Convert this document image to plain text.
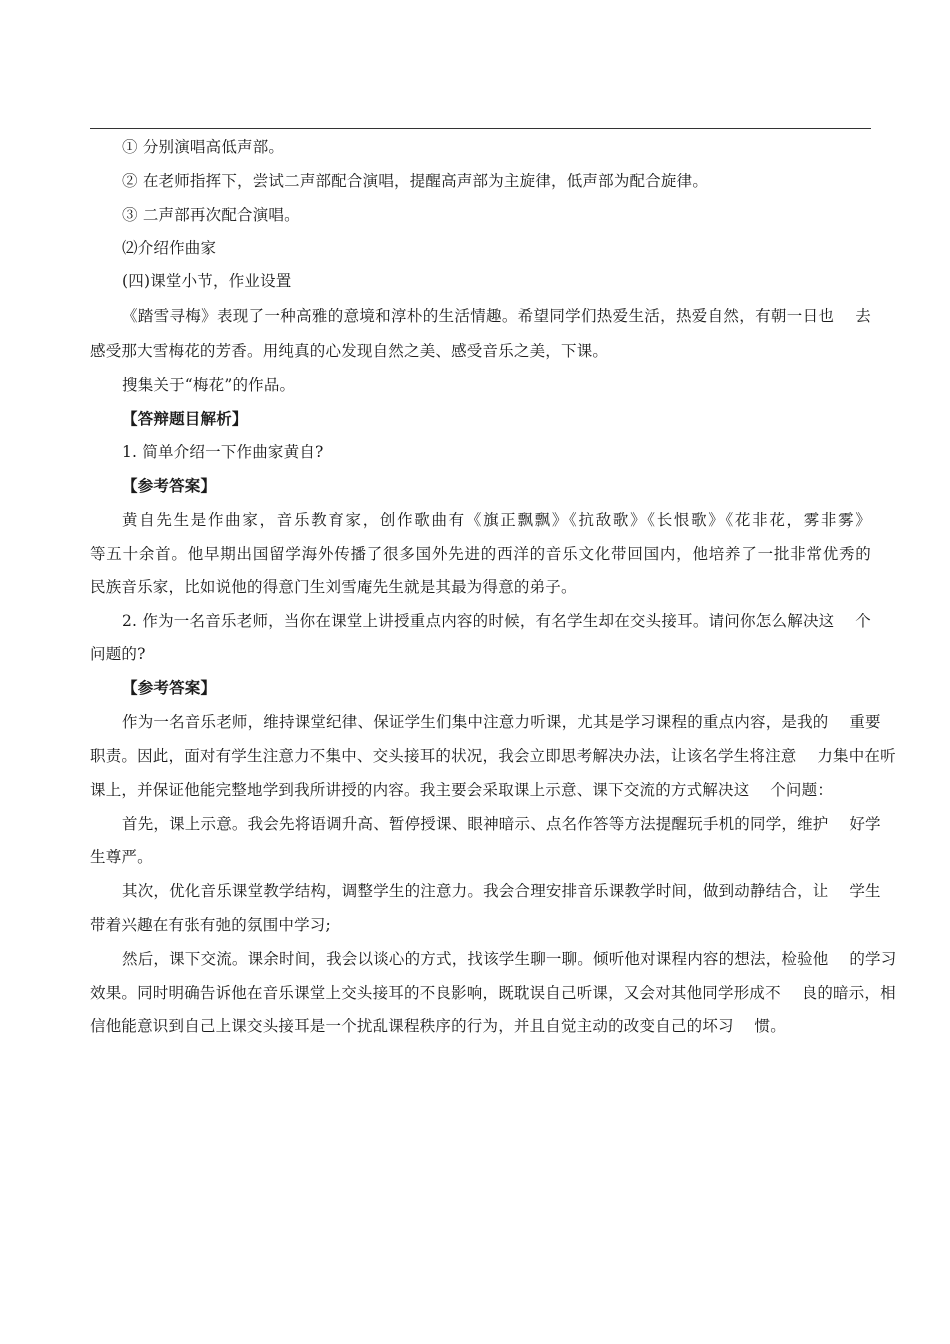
① 分别演唱高低声部。
② 在老师指挥下，尝试二声部配合演唱，提醒高声部为主旋律，低声部为配合旋律。
③ 二声部再次配合演唱。
⑵介绍作曲家
(四)课堂小节，作业设置
《踏雪寻梅》表现了一种高雅的意境和淳朴的生活情趣。希望同学们热爱生活，热爱自然，有朝一日也　 去
感受那大雪梅花的芳香。用纯真的心发现自然之美、感受音乐之美，下课。
搜集关于“梅花”的作品。
【答辩题目解析】
1. 简单介绍一下作曲家黄自?
【参考答案】
黄自先生是作曲家，音乐教育家，创作歌曲有《旗正飘飘》《抗敌歌》《长恨歌》《花非花，雾非雾》
等五十余首。他早期出国留学海外传播了很多国外先进的西洋的音乐文化带回国内，他培养了一批非常优秀的
民族音乐家，比如说他的得意门生刘雪庵先生就是其最为得意的弟子。
2. 作为一名音乐老师，当你在课堂上讲授重点内容的时候，有名学生却在交头接耳。请问你怎么解决这　 个
问题的?
【参考答案】
作为一名音乐老师，维持课堂纪律、保证学生们集中注意力听课，尤其是学习课程的重点内容，是我的　 重要
职责。因此，面对有学生注意力不集中、交头接耳的状况，我会立即思考解决办法，让该名学生将注意　 力集中在听
课上，并保证他能完整地学到我所讲授的内容。我主要会采取课上示意、课下交流的方式解决这　 个问题：
首先，课上示意。我会先将语调升高、暂停授课、眼神暗示、点名作答等方法提醒玩手机的同学，维护　 好学
生尊严。
其次，优化音乐课堂教学结构，调整学生的注意力。我会合理安排音乐课教学时间，做到动静结合，让　 学生
带着兴趣在有张有弛的氛围中学习;
然后，课下交流。课余时间，我会以谈心的方式，找该学生聊一聊。倾听他对课程内容的想法，检验他　 的学习
效果。同时明确告诉他在音乐课堂上交头接耳的不良影响，既耽误自己听课，又会对其他同学形成不　 良的暗示，相
信他能意识到自己上课交头接耳是一个扰乱课程秩序的行为，并且自觉主动的改变自己的坏习　 惯。
